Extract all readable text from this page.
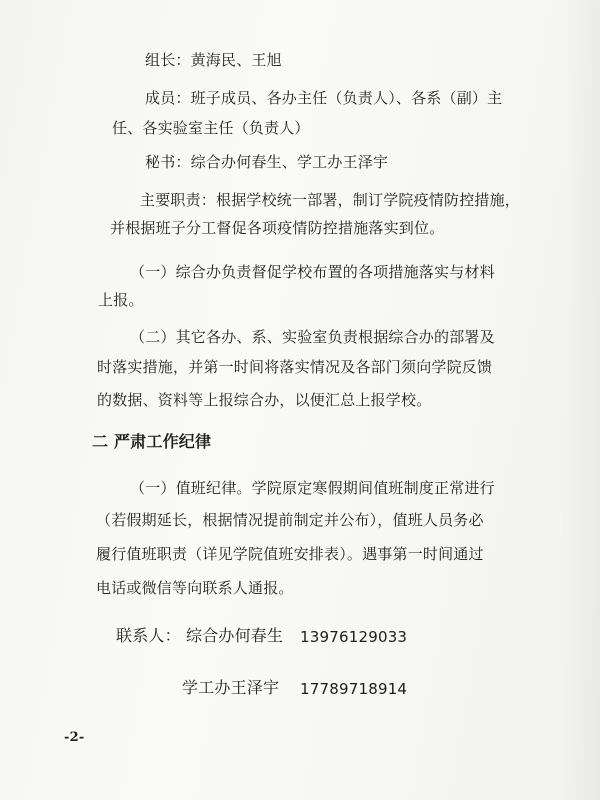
组长：黄海民、王旭
成员：班子成员、各办主任（负责人）、各系（副）主
任、各实验室主任（负责人）
秘书：综合办何春生、学工办王泽宇
主要职责：根据学校统一部署，制订学院疫情防控措施，
并根据班子分工督促各项疫情防控措施落实到位。
（一）综合办负责督促学校布置的各项措施落实与材料
上报。
（二）其它各办、系、实验室负责根据综合办的部署及
时落实措施，并第一时间将落实情况及各部门须向学院反馈
的数据、资料等上报综合办，以便汇总上报学校。
二 严肃工作纪律
（一）值班纪律。学院原定寒假期间值班制度正常进行
（若假期延长，根据情况提前制定并公布），值班人员务必
履行值班职责（详见学院值班安排表）。遇事第一时间通过
电话或微信等向联系人通报。
联系人： 综合办何春生 13976129033
学工办王泽宇 17789718914
-2-
